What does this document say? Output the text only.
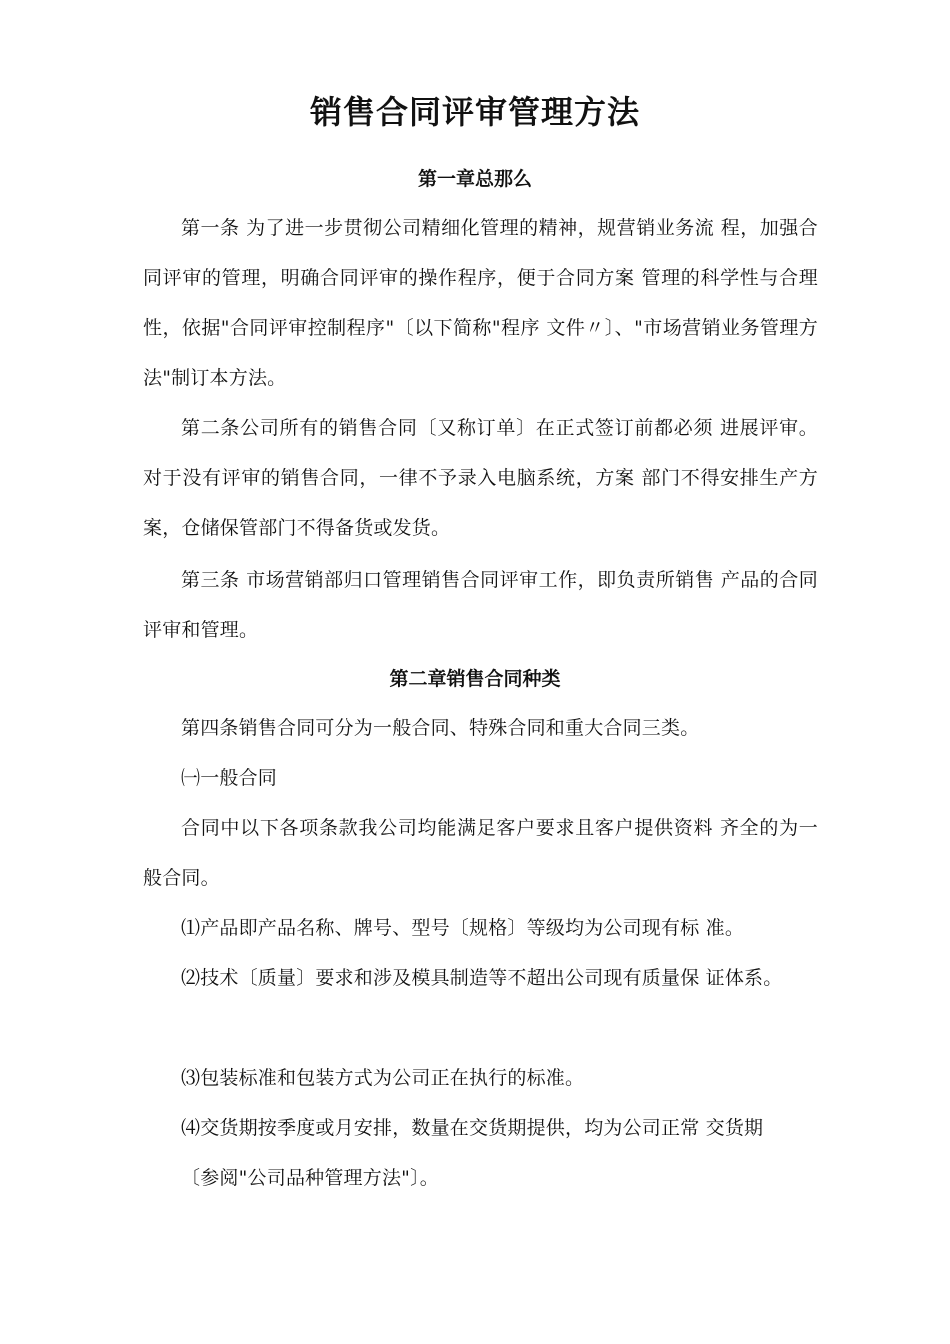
销售合同评审管理方法
第一章总那么
第一条 为了进一步贯彻公司精细化管理的精神，规营销业务流 程，加强合同评审的管理，明确合同评审的操作程序，便于合同方案 管理的科学性与合理性，依据"合同评审控制程序"〔以下简称"程序 文件〃〕、"市场营销业务管理方法"制订本方法。
第二条公司所有的销售合同〔又称订单〕在正式签订前都必须 进展评审。对于没有评审的销售合同，一律不予录入电脑系统，方案 部门不得安排生产方案，仓储保管部门不得备货或发货。
第三条 市场营销部归口管理销售合同评审工作，即负责所销售 产品的合同评审和管理。
第二章销售合同种类
第四条销售合同可分为一般合同、特殊合同和重大合同三类。
㈠一般合同
合同中以下各项条款我公司均能满足客户要求且客户提供资料 齐全的为一般合同。
⑴产品即产品名称、牌号、型号〔规格〕等级均为公司现有标 准。
⑵技术〔质量〕要求和涉及模具制造等不超出公司现有质量保 证体系。
⑶包装标准和包装方式为公司正在执行的标准。
⑷交货期按季度或月安排，数量在交货期提供，均为公司正常 交货期
〔参阅"公司品种管理方法"〕。
